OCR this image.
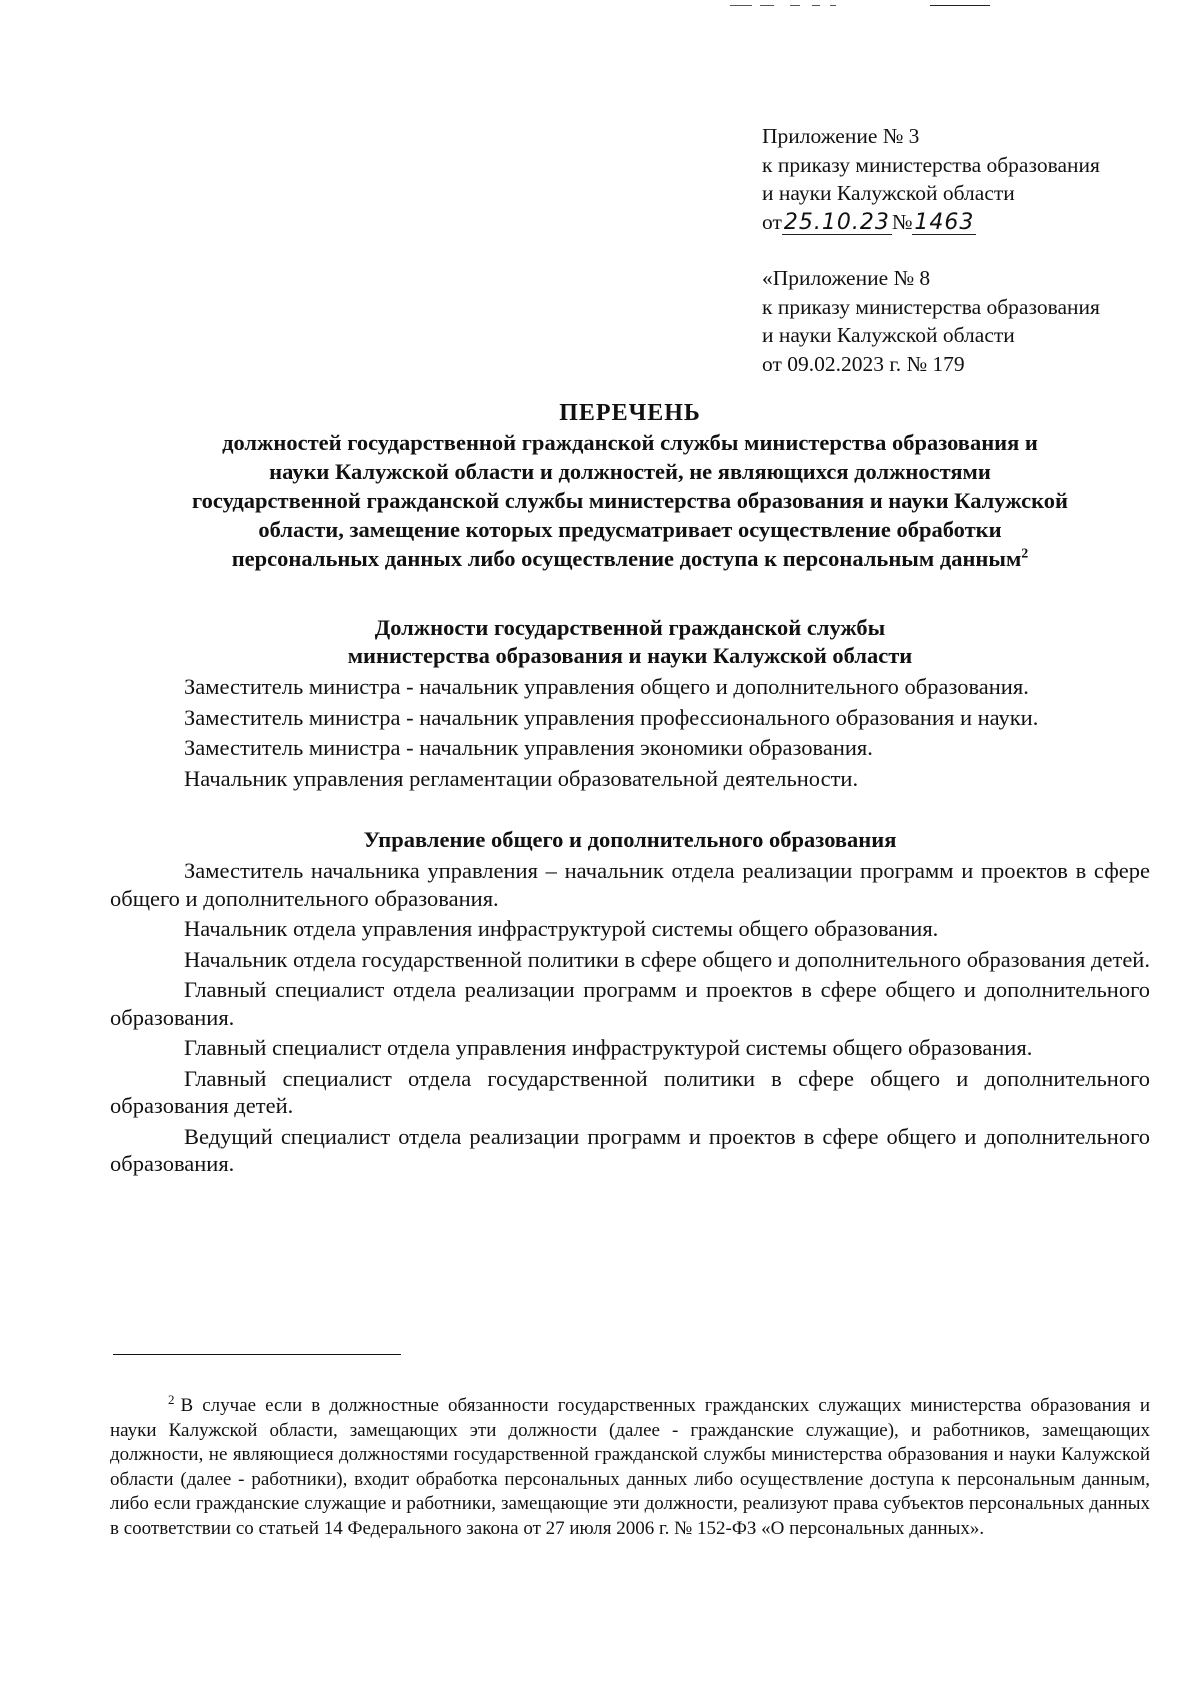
Приложение № 3
к приказу министерства образования
и науки Калужской области
от25.10.23№1463
«Приложение № 8
к приказу министерства образования
и науки Калужской области
от 09.02.2023 г. № 179
ПЕРЕЧЕНЬ
должностей государственной гражданской службы министерства образования и
науки Калужской области и должностей, не являющихся должностями
государственной гражданской службы министерства образования и науки Калужской
области, замещение которых предусматривает осуществление обработки
персональных данных либо осуществление доступа к персональным данным$^2$
Должности государственной гражданской службы
министерства образования и науки Калужской области

Заместитель министра - начальник управления общего и дополнительного образования.

Заместитель министра - начальник управления профессионального образования и науки.

Заместитель министра - начальник управления экономики образования.

Начальник управления регламентации образовательной деятельности.

Управление общего и дополнительного образования

Заместитель начальника управления – начальник отдела реализации программ и проектов в сфере общего и дополнительного образования.

Начальник отдела управления инфраструктурой системы общего образования.

Начальник отдела государственной политики в сфере общего и дополнительного образования детей.

Главный специалист отдела реализации программ и проектов в сфере общего и дополнительного образования.

Главный специалист отдела управления инфраструктурой системы общего образования.

Главный специалист отдела государственной политики в сфере общего и дополнительного образования детей.

Ведущий специалист отдела реализации программ и проектов в сфере общего и дополнительного образования.

$^2$ В случае если в должностные обязанности государственных гражданских служащих министерства образования и науки Калужской области, замещающих эти должности (далее - гражданские служащие), и работников, замещающих должности, не являющиеся должностями государственной гражданской службы министерства образования и науки Калужской области (далее - работники), входит обработка персональных данных либо осуществление доступа к персональным данным, либо если гражданские служащие и работники, замещающие эти должности, реализуют права субъектов персональных данных в соответствии со статьей 14 Федерального закона от 27 июля 2006 г. № 152-ФЗ «О персональных данных».
